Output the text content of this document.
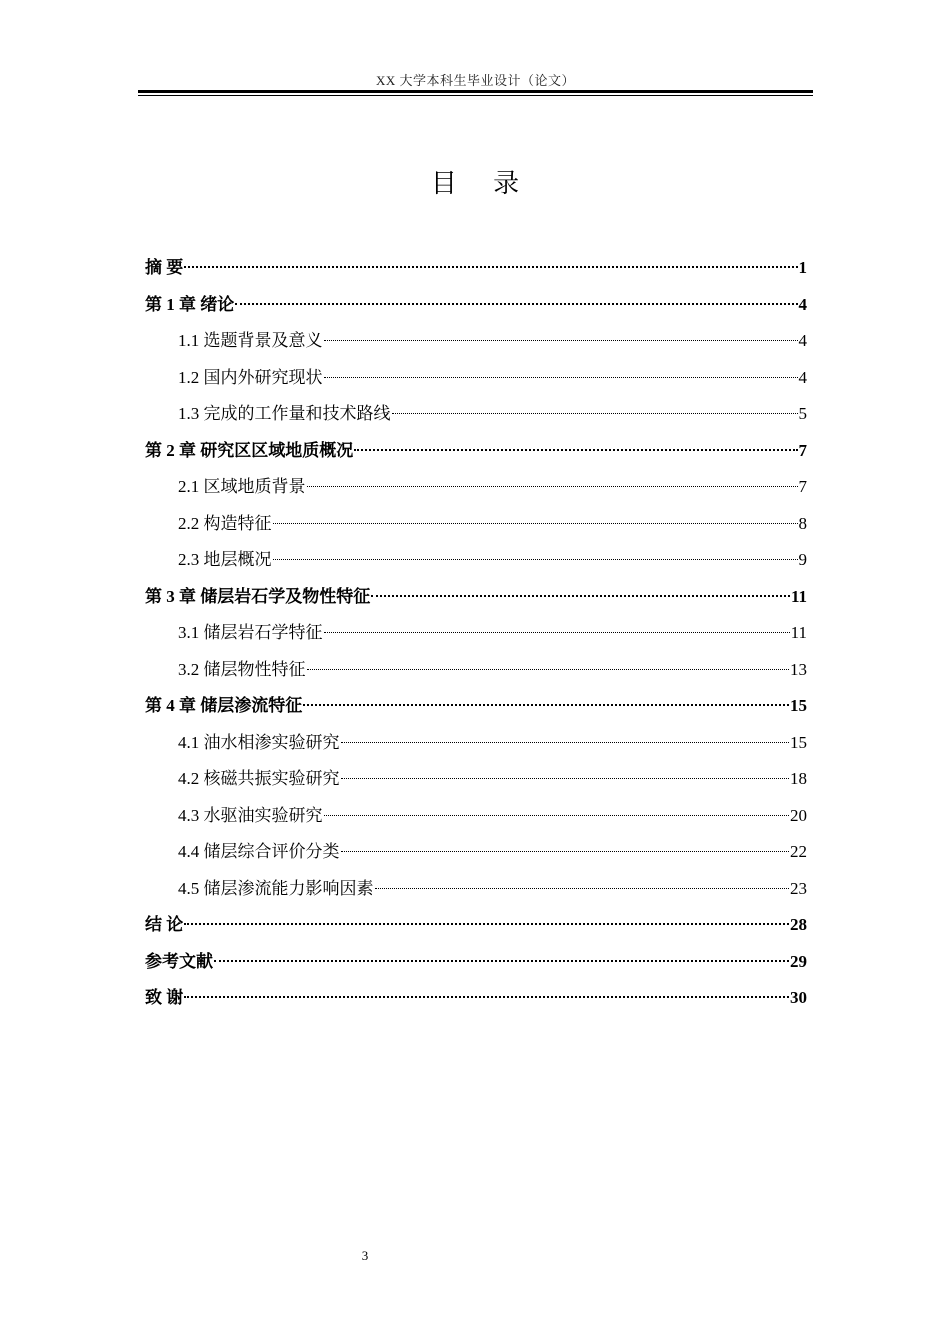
XX 大学本科生毕业设计（论文）
目 录
摘 要	1
第 1 章 绪论	4
1.1 选题背景及意义	4
1.2 国内外研究现状	4
1.3 完成的工作量和技术路线	5
第 2 章 研究区区域地质概况	7
2.1 区域地质背景	7
2.2 构造特征	8
2.3 地层概况	9
第 3 章 储层岩石学及物性特征	11
3.1 储层岩石学特征	11
3.2 储层物性特征	13
第 4 章 储层渗流特征	15
4.1 油水相渗实验研究	15
4.2 核磁共振实验研究	18
4.3 水驱油实验研究	20
4.4 储层综合评价分类	22
4.5 储层渗流能力影响因素	23
结 论	28
参考文献	29
致 谢	30
3
